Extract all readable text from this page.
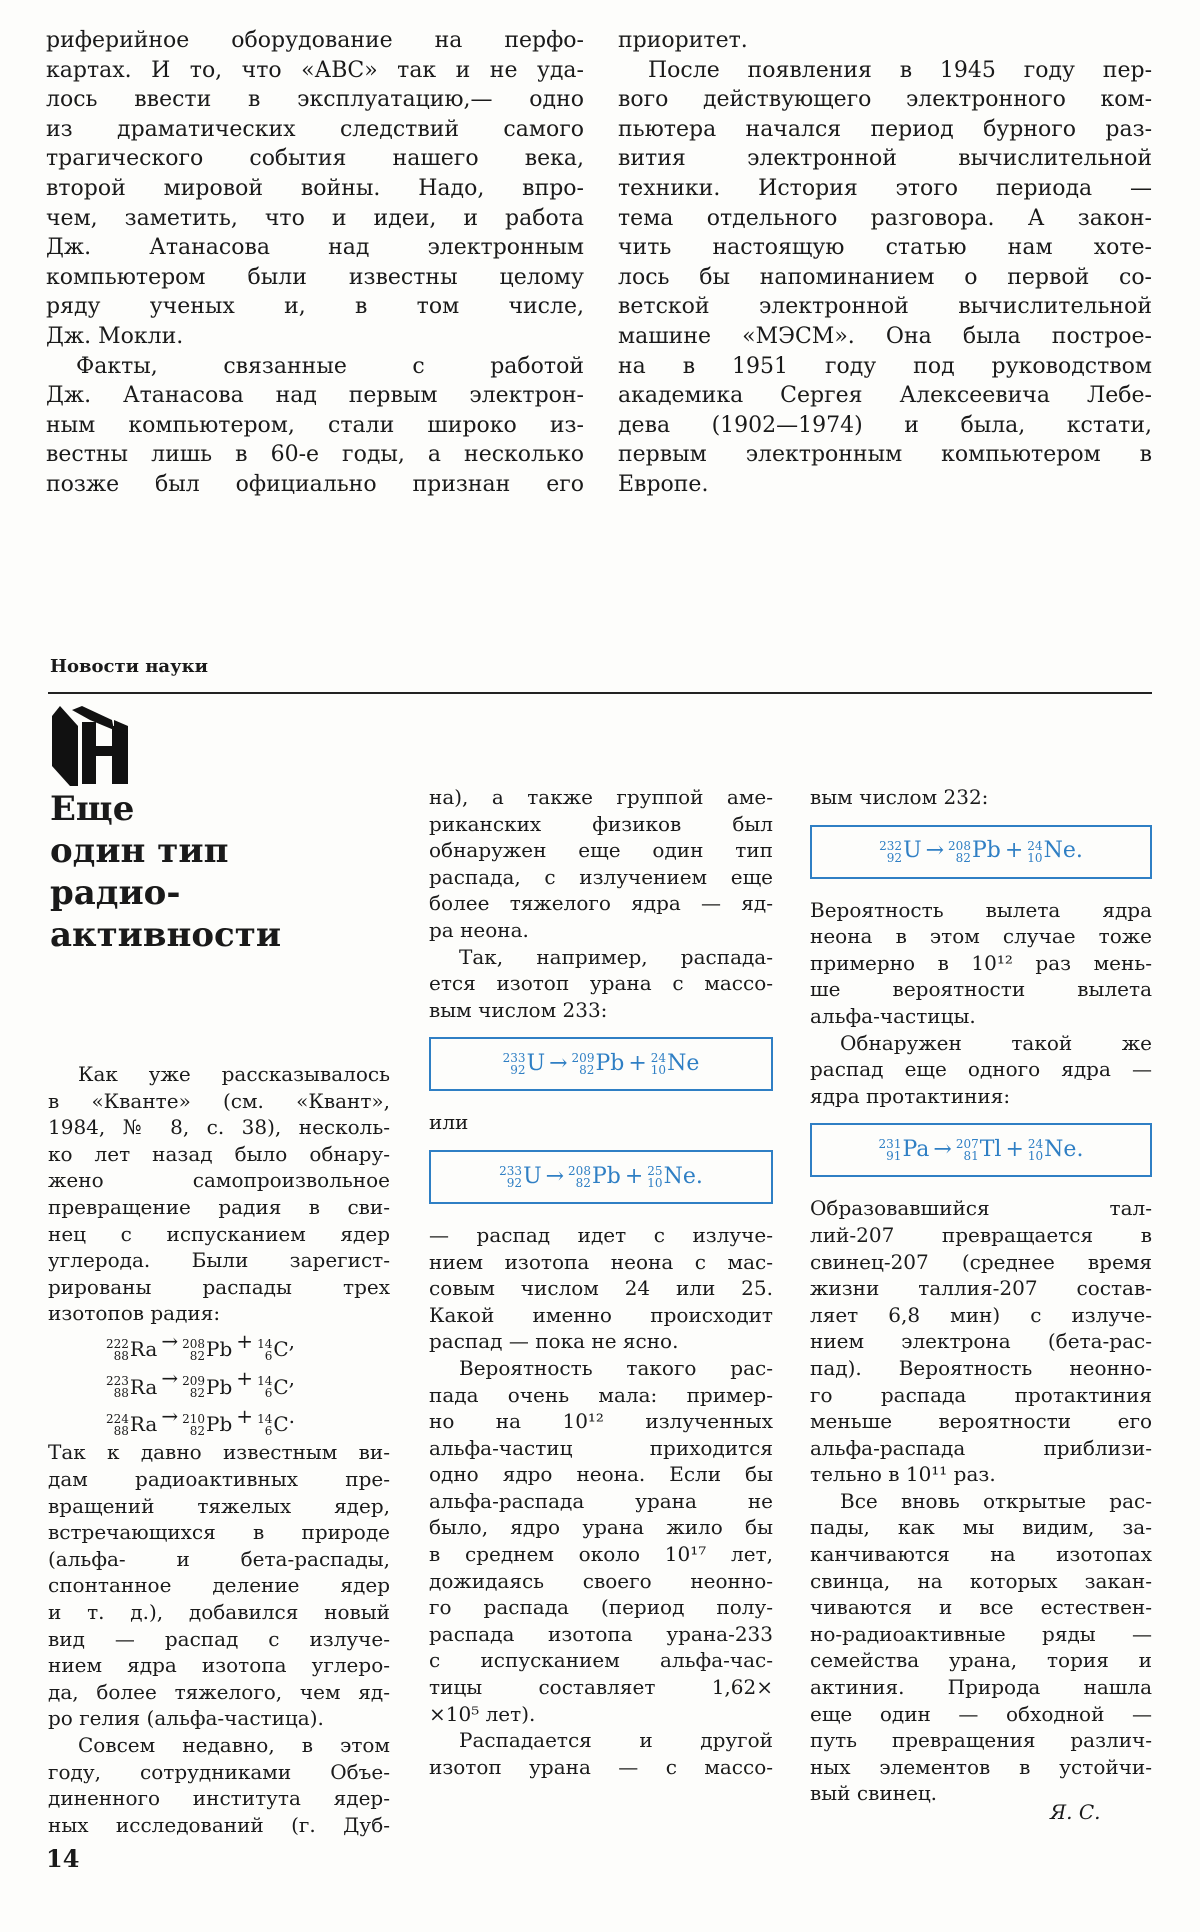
риферийное оборудование на перфо-
картах. И то, что «АВС» так и не уда-
лось ввести в эксплуатацию,— одно
из драматических следствий самого
трагического события нашего века,
второй мировой войны. Надо, впро-
чем, заметить, что и идеи, и работа
Дж. Атанасова над электронным
компьютером были известны целому
ряду ученых и, в том числе,
Дж. Мокли.
Факты, связанные с работой
Дж. Атанасова над первым электрон-
ным компьютером, стали широко из-
вестны лишь в 60-е годы, а несколько
позже был официально признан его
приоритет.
После появления в 1945 году пер-
вого действующего электронного ком-
пьютера начался период бурного раз-
вития электронной вычислительной
техники. История этого периода —
тема отдельного разговора. А закон-
чить настоящую статью нам хоте-
лось бы напоминанием о первой со-
ветской электронной вычислительной
машине «МЭСМ». Она была построе-
на в 1951 году под руководством
академика Сергея Алексеевича Лебе-
дева (1902—1974) и была, кстати,
первым электронным компьютером в
Европе.
Новости науки
Еще
один тип
радио-
активности
Как уже рассказывалось
в «Кванте» (см. «Квант»,
1984, № 8, с. 38), несколь-
ко лет назад было обнару-
жено самопроизвольное
превращение радия в сви-
нец с испусканием ядер
углерода. Были зарегист-
рированы распады трех
изотопов радия:
222
88 Ra → 208
82 Pb + 14
6 C ,
223
88 Ra → 209
82 Pb + 14
6 C ,
224
88 Ra → 210
82 Pb + 14
6 C .
Так к давно известным ви-
дам радиоактивных пре-
вращений тяжелых ядер,
встречающихся в природе
(альфа- и бета-распады,
спонтанное деление ядер
и т. д.), добавился новый
вид — распад с излуче-
нием ядра изотопа углеро-
да, более тяжелого, чем яд-
ро гелия (альфа-частица).
Совсем недавно, в этом
году, сотрудниками Объе-
диненного института ядер-
ных исследований (г. Дуб-
на), а также группой аме-
риканских физиков был
обнаружен еще один тип
распада, с излучением еще
более тяжелого ядра — яд-
ра неона.
Так, например, распада-
ется изотоп урана с массо-
вым числом 233:
233
92 U → 209
82 Pb + 24
10 Ne
или
233
92 U → 208
82 Pb + 25
10 Ne .
— распад идет с излуче-
нием изотопа неона с мас-
совым числом 24 или 25.
Какой именно происходит
распад — пока не ясно.
Вероятность такого рас-
пада очень мала: пример-
но на 10¹² излученных
альфа-частиц приходится
одно ядро неона. Если бы
альфа-распада урана не
было, ядро урана жило бы
в среднем около 10¹⁷ лет,
дожидаясь своего неонно-
го распада (период полу-
распада изотопа урана-233
с испусканием альфа-час-
тицы составляет 1,62×
×10⁵ лет).
Распадается и другой
изотоп урана — с массо-
вым числом 232:
232
92 U → 208
82 Pb + 24
10 Ne .
Вероятность вылета ядра
неона в этом случае тоже
примерно в 10¹² раз мень-
ше вероятности вылета
альфа-частицы.
Обнаружен такой же
распад еще одного ядра —
ядра протактиния:
231
91 Pa → 207
81 Tl + 24
10 Ne .
Образовавшийся тал-
лий-207 превращается в
свинец-207 (среднее время
жизни таллия-207 состав-
ляет 6,8 мин) с излуче-
нием электрона (бета-рас-
пад). Вероятность неонно-
го распада протактиния
меньше вероятности его
альфа-распада приблизи-
тельно в 10¹¹ раз.
Все вновь открытые рас-
пады, как мы видим, за-
канчиваются на изотопах
свинца, на которых закан-
чиваются и все естествен-
но-радиоактивные ряды —
семейства урана, тория и
актиния. Природа нашла
еще один — обходной —
путь превращения различ-
ных элементов в устойчи-
вый свинец.
Я. С.
14
